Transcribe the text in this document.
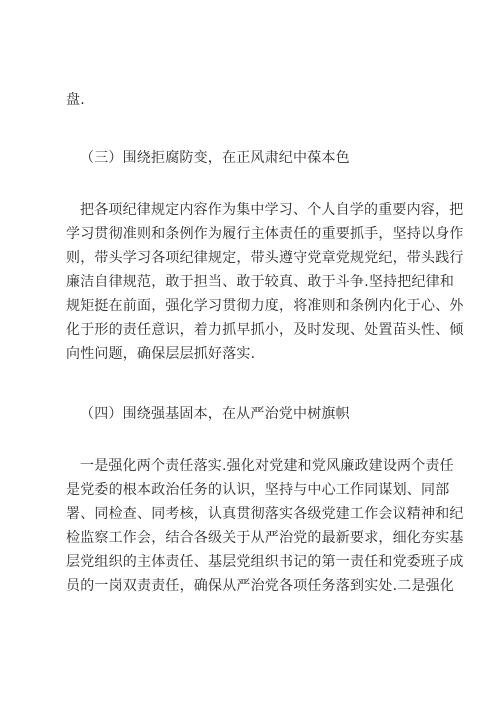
盘.
（三）围绕拒腐防变，在正风肃纪中葆本色
把各项纪律规定内容作为集中学习、个人自学的重要内容，把
学习贯彻准则和条例作为履行主体责任的重要抓手，坚持以身作
则，带头学习各项纪律规定，带头遵守党章党规党纪，带头践行
廉洁自律规范，敢于担当、敢于较真、敢于斗争.坚持把纪律和
规矩挺在前面，强化学习贯彻力度，将准则和条例内化于心、外
化于形的责任意识，着力抓早抓小，及时发现、处置苗头性、倾
向性问题，确保层层抓好落实.
（四）围绕强基固本，在从严治党中树旗帜
一是强化两个责任落实.强化对党建和党风廉政建设两个责任
是党委的根本政治任务的认识，坚持与中心工作同谋划、同部
署、同检查、同考核，认真贯彻落实各级党建工作会议精神和纪
检监察工作会，结合各级关于从严治党的最新要求，细化夯实基
层党组织的主体责任、基层党组织书记的第一责任和党委班子成
员的一岗双责责任，确保从严治党各项任务落到实处.二是强化
